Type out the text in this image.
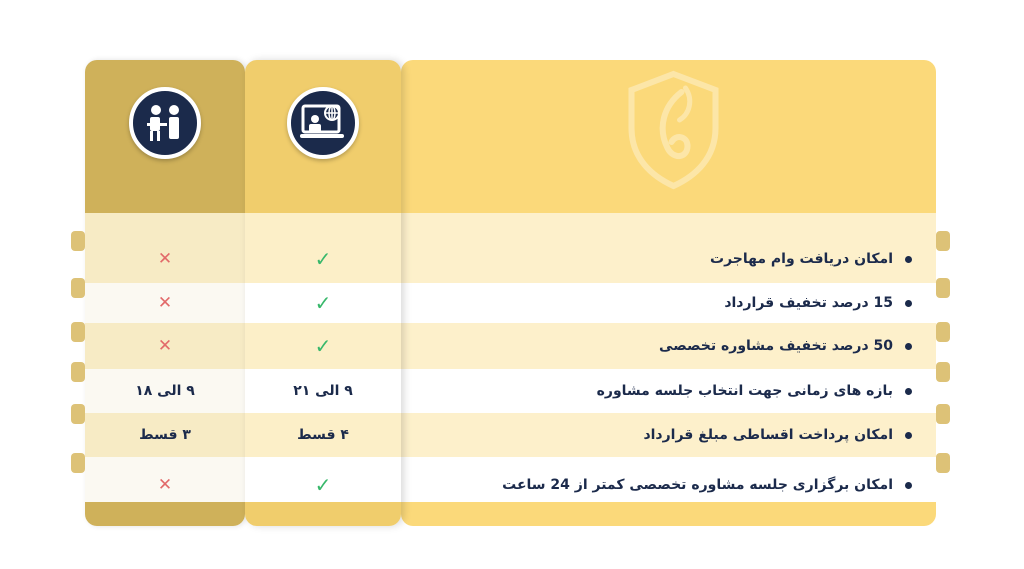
✕
✕
✕
۹ الی ۱۸
۳ قسط
✕
✓
✓
✓
۹ الی ۲۱
۴ قسط
✓
امکان دریافت وام مهاجرت
15 درصد تخفیف قرارداد
50 درصد تخفیف مشاوره تخصصی
بازه های زمانی جهت انتخاب جلسه مشاوره
امکان پرداخت اقساطی مبلغ قرارداد
امکان برگزاری جلسه مشاوره تخصصی کمتر از 24 ساعت
